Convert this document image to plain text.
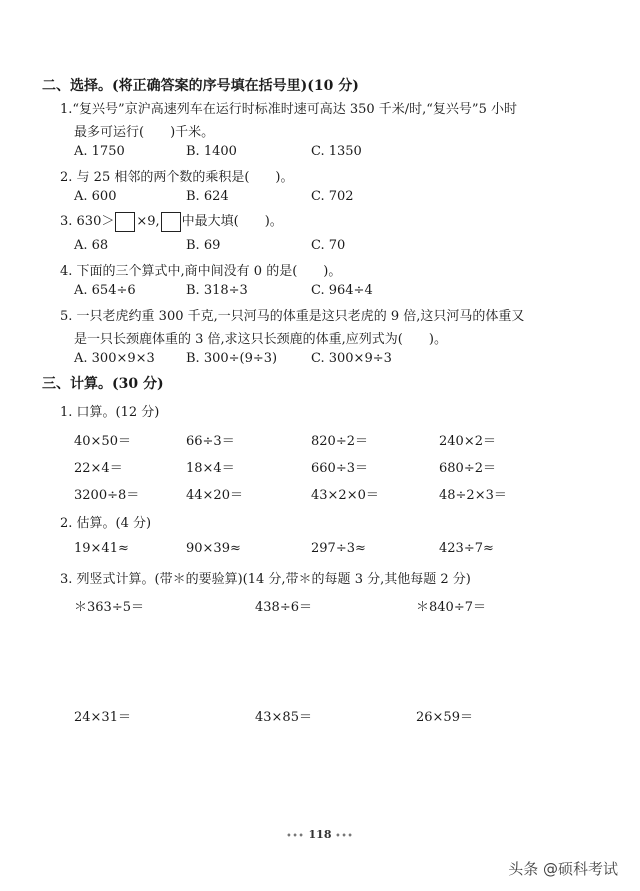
二、选择。(将正确答案的序号填在括号里)(10 分)
1.“复兴号”京沪高速列车在运行时标准时速可高达 350 千米/时,“复兴号”5 小时
最多可运行(　　)千米。
A. 1750	B. 1400	C. 1350
2. 与 25 相邻的两个数的乘积是(　　)。
A. 600	B. 624	C. 702
3. 630＞ ×9, 中最大填(　　)。
A. 68	B. 69	C. 70
4. 下面的三个算式中,商中间没有 0 的是(　　)。
A. 654÷6	B. 318÷3	C. 964÷4
5. 一只老虎约重 300 千克,一只河马的体重是这只老虎的 9 倍,这只河马的体重又
是一只长颈鹿体重的 3 倍,求这只长颈鹿的体重,应列式为(　　)。
A. 300×9×3 B. 300÷(9÷3)	C. 300×9÷3
三、计算。(30 分)
1. 口算。(12 分)
40×50＝	66÷3＝	820÷2＝	240×2＝
22×4＝	18×4＝	660÷3＝	680÷2＝
3200÷8＝	44×20＝	43×2×0＝	48÷2×3＝
2. 估算。(4 分)
19×41≈	90×39≈	297÷3≈	423÷7≈
3. 列竖式计算。(带＊的要验算)(14 分,带＊的每题 3 分,其他每题 2 分)
＊363÷5＝	438÷6＝	＊840÷7＝
24×31＝	43×85＝	26×59＝
••• 118 •••
头条 @硕科考试
